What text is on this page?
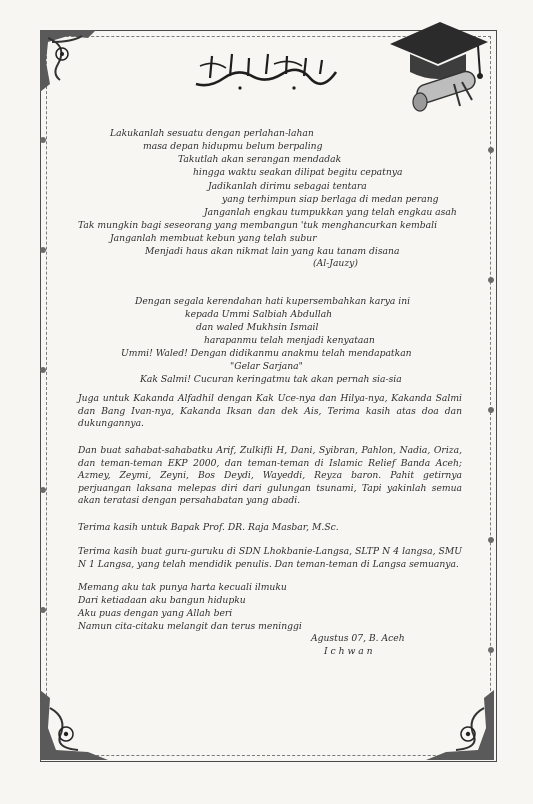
Lakukanlah sesuatu dengan perlahan-lahan
masa depan hidupmu belum berpaling
Takutlah akan serangan mendadak
hingga waktu seakan dilipat begitu cepatnya
Jadikanlah dirimu sebagai tentara
yang terhimpun siap berlaga di medan perang
Janganlah engkau tumpukkan yang telah engkau asah
Tak mungkin bagi seseorang yang membangun 'tuk menghancurkan kembali
Janganlah membuat kebun yang telah subur
Menjadi haus akan nikmat lain yang kau tanam disana
(Al-Jauzy)
Dengan segala kerendahan hati kupersembahkan karya ini
kepada Ummi Salbiah Abdullah
dan waled Mukhsin Ismail
harapanmu telah menjadi kenyataan
Ummi! Waled! Dengan didikanmu anakmu telah mendapatkan
"Gelar Sarjana"
Kak Salmi! Cucuran keringatmu tak akan pernah sia-sia
Juga untuk Kakanda Alfadhil dengan Kak Uce-nya dan Hilya-nya, Kakanda Salmi dan Bang Ivan-nya, Kakanda Iksan dan dek Ais, Terima kasih atas doa dan dukungannya.
Dan buat sahabat-sahabatku Arif, Zulkifli H, Dani, Syibran, Pahlon, Nadia, Oriza, dan teman-teman EKP 2000, dan teman-teman di Islamic Relief Banda Aceh; Azmey, Zeymi, Zeyni, Bos Deydi, Wayeddi, Reyza baron. Pahit getirnya perjuangan laksana melepas diri dari gulungan tsunami, Tapi yakinlah semua akan teratasi dengan persahabatan yang abadi.
Terima kasih untuk Bapak Prof. DR. Raja Masbar, M.Sc.
Terima kasih buat guru-guruku di SDN Lhokbanie-Langsa, SLTP N 4 langsa, SMU N 1 Langsa, yang telah mendidik penulis. Dan teman-teman di Langsa semuanya.
Memang aku tak punya harta kecuali ilmuku
Dari ketiadaan aku bangun hidupku
Aku puas dengan yang Allah beri
Namun cita-citaku melangit dan terus meninggi
Agustus 07, B. Aceh
I c h w a n
